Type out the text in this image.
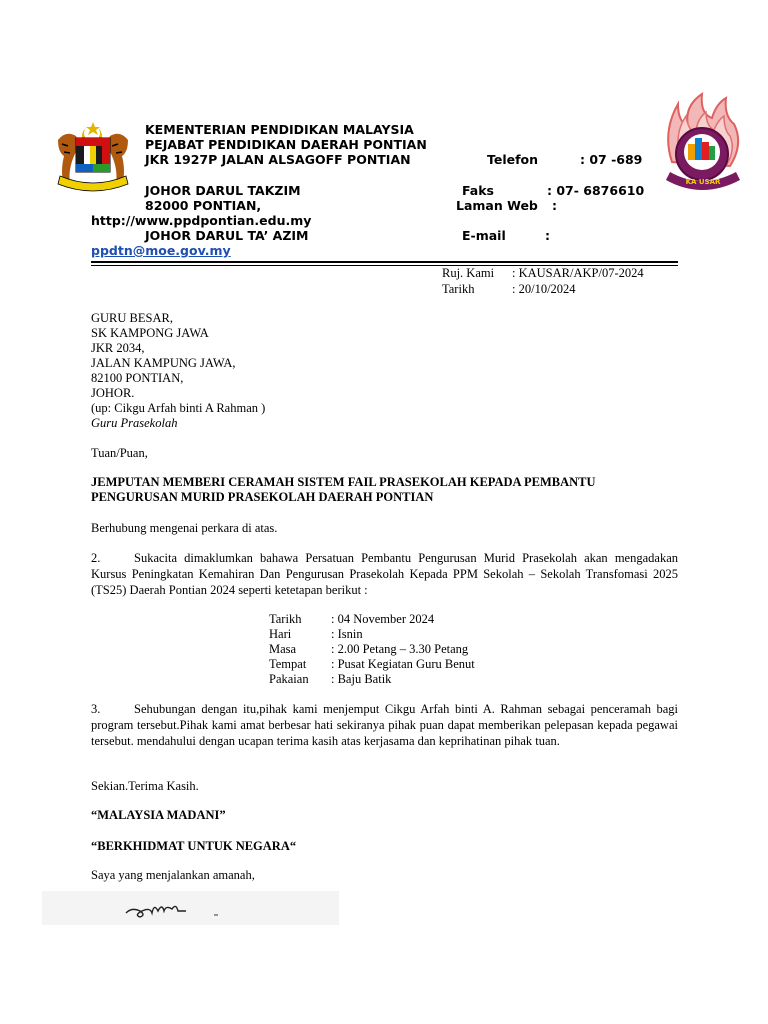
KA USAR
KEMENTERIAN PENDIDIKAN MALAYSIA
PEJABAT PENDIDIKAN DAERAH PONTIAN
JKR 1927P JALAN ALSAGOFF PONTIAN
JOHOR DARUL TAKZIM
82000 PONTIAN,
http://www.ppdpontian.edu.my
JOHOR DARUL TA’ AZIM
ppdtn@moe.gov.my
Telefon	: 07 -689
Faks	: 07- 6876610
Laman Web :
E-mail	:
Ruj. Kami : KAUSAR/AKP/07-2024
Tarikh	: 20/10/2024
GURU BESAR,
SK KAMPONG JAWA
JKR 2034,
JALAN KAMPUNG JAWA,
82100 PONTIAN,
JOHOR.
(up: Cikgu Arfah binti A Rahman )
Guru Prasekolah
Tuan/Puan,
JEMPUTAN MEMBERI CERAMAH SISTEM FAIL PRASEKOLAH KEPADA PEMBANTU
PENGURUSAN MURID PRASEKOLAH DAERAH PONTIAN
Berhubung mengenai perkara di atas.
2.	Sukacita dimaklumkan bahawa Persatuan Pembantu Pengurusan Murid Prasekolah akan mengadakan Kursus Peningkatan Kemahiran Dan Pengurusan Prasekolah Kepada PPM Sekolah – Sekolah Transfomasi 2025 (TS25) Daerah Pontian 2024 seperti ketetapan berikut :
Tarikh : 04 November 2024
Hari	: Isnin
Masa	: 2.00 Petang – 3.30 Petang
Tempat : Pusat Kegiatan Guru Benut
Pakaian : Baju Batik
3.	Sehubungan dengan itu,pihak kami menjemput Cikgu Arfah binti A. Rahman sebagai penceramah bagi program tersebut.Pihak kami amat berbesar hati sekiranya pihak puan dapat memberikan pelepasan kepada pegawai tersebut. mendahului dengan ucapan terima kasih atas kerjasama dan keprihatinan pihak tuan.
Sekian.Terima Kasih.
“MALAYSIA MADANI”
“BERKHIDMAT UNTUK NEGARA“
Saya yang menjalankan amanah,
